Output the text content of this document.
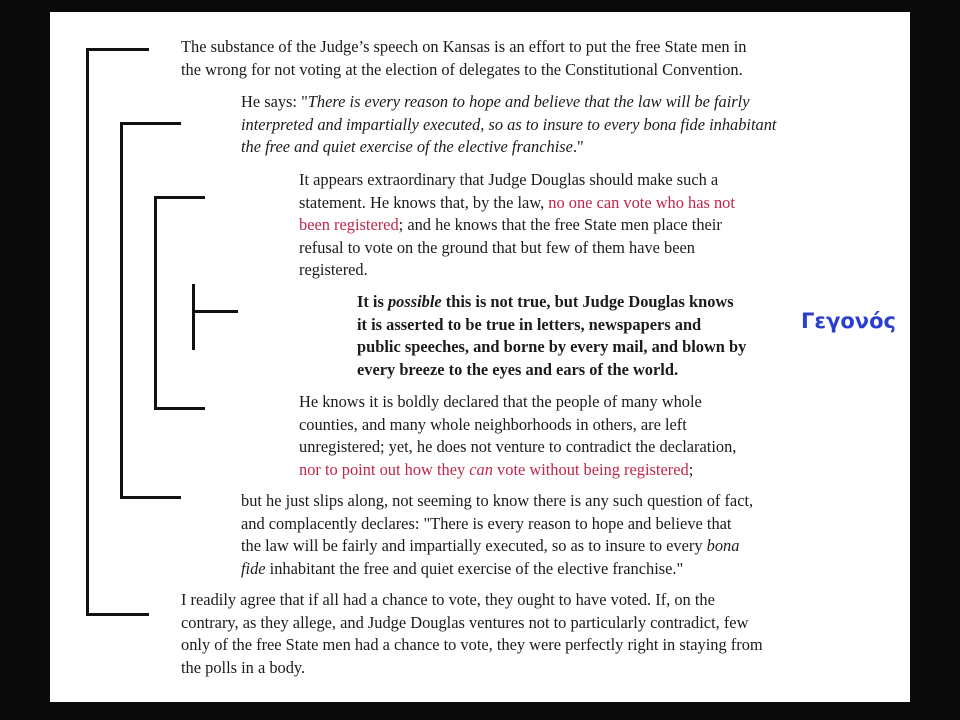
The substance of the Judge’s speech on Kansas is an effort to put the free State men in
the wrong for not voting at the election of delegates to the Constitutional Convention.

He says: "There is every reason to hope and believe that the law will be fairly
interpreted and impartially executed, so as to insure to every bona fide inhabitant
the free and quiet exercise of the elective franchise."

It appears extraordinary that Judge Douglas should make such a
statement. He knows that, by the law, no one can vote who has not
been registered; and he knows that the free State men place their
refusal to vote on the ground that but few of them have been
registered.

It is possible this is not true, but Judge Douglas knows
it is asserted to be true in letters, newspapers and
public speeches, and borne by every mail, and blown by
every breeze to the eyes and ears of the world.

Γεγονός

He knows it is boldly declared that the people of many whole
counties, and many whole neighborhoods in others, are left
unregistered; yet, he does not venture to contradict the declaration,
nor to point out how they can vote without being registered;

but he just slips along, not seeming to know there is any such question of fact,
and complacently declares: "There is every reason to hope and believe that
the law will be fairly and impartially executed, so as to insure to every bona
fide inhabitant the free and quiet exercise of the elective franchise."

I readily agree that if all had a chance to vote, they ought to have voted. If, on the
contrary, as they allege, and Judge Douglas ventures not to particularly contradict, few
only of the free State men had a chance to vote, they were perfectly right in staying from
the polls in a body.
